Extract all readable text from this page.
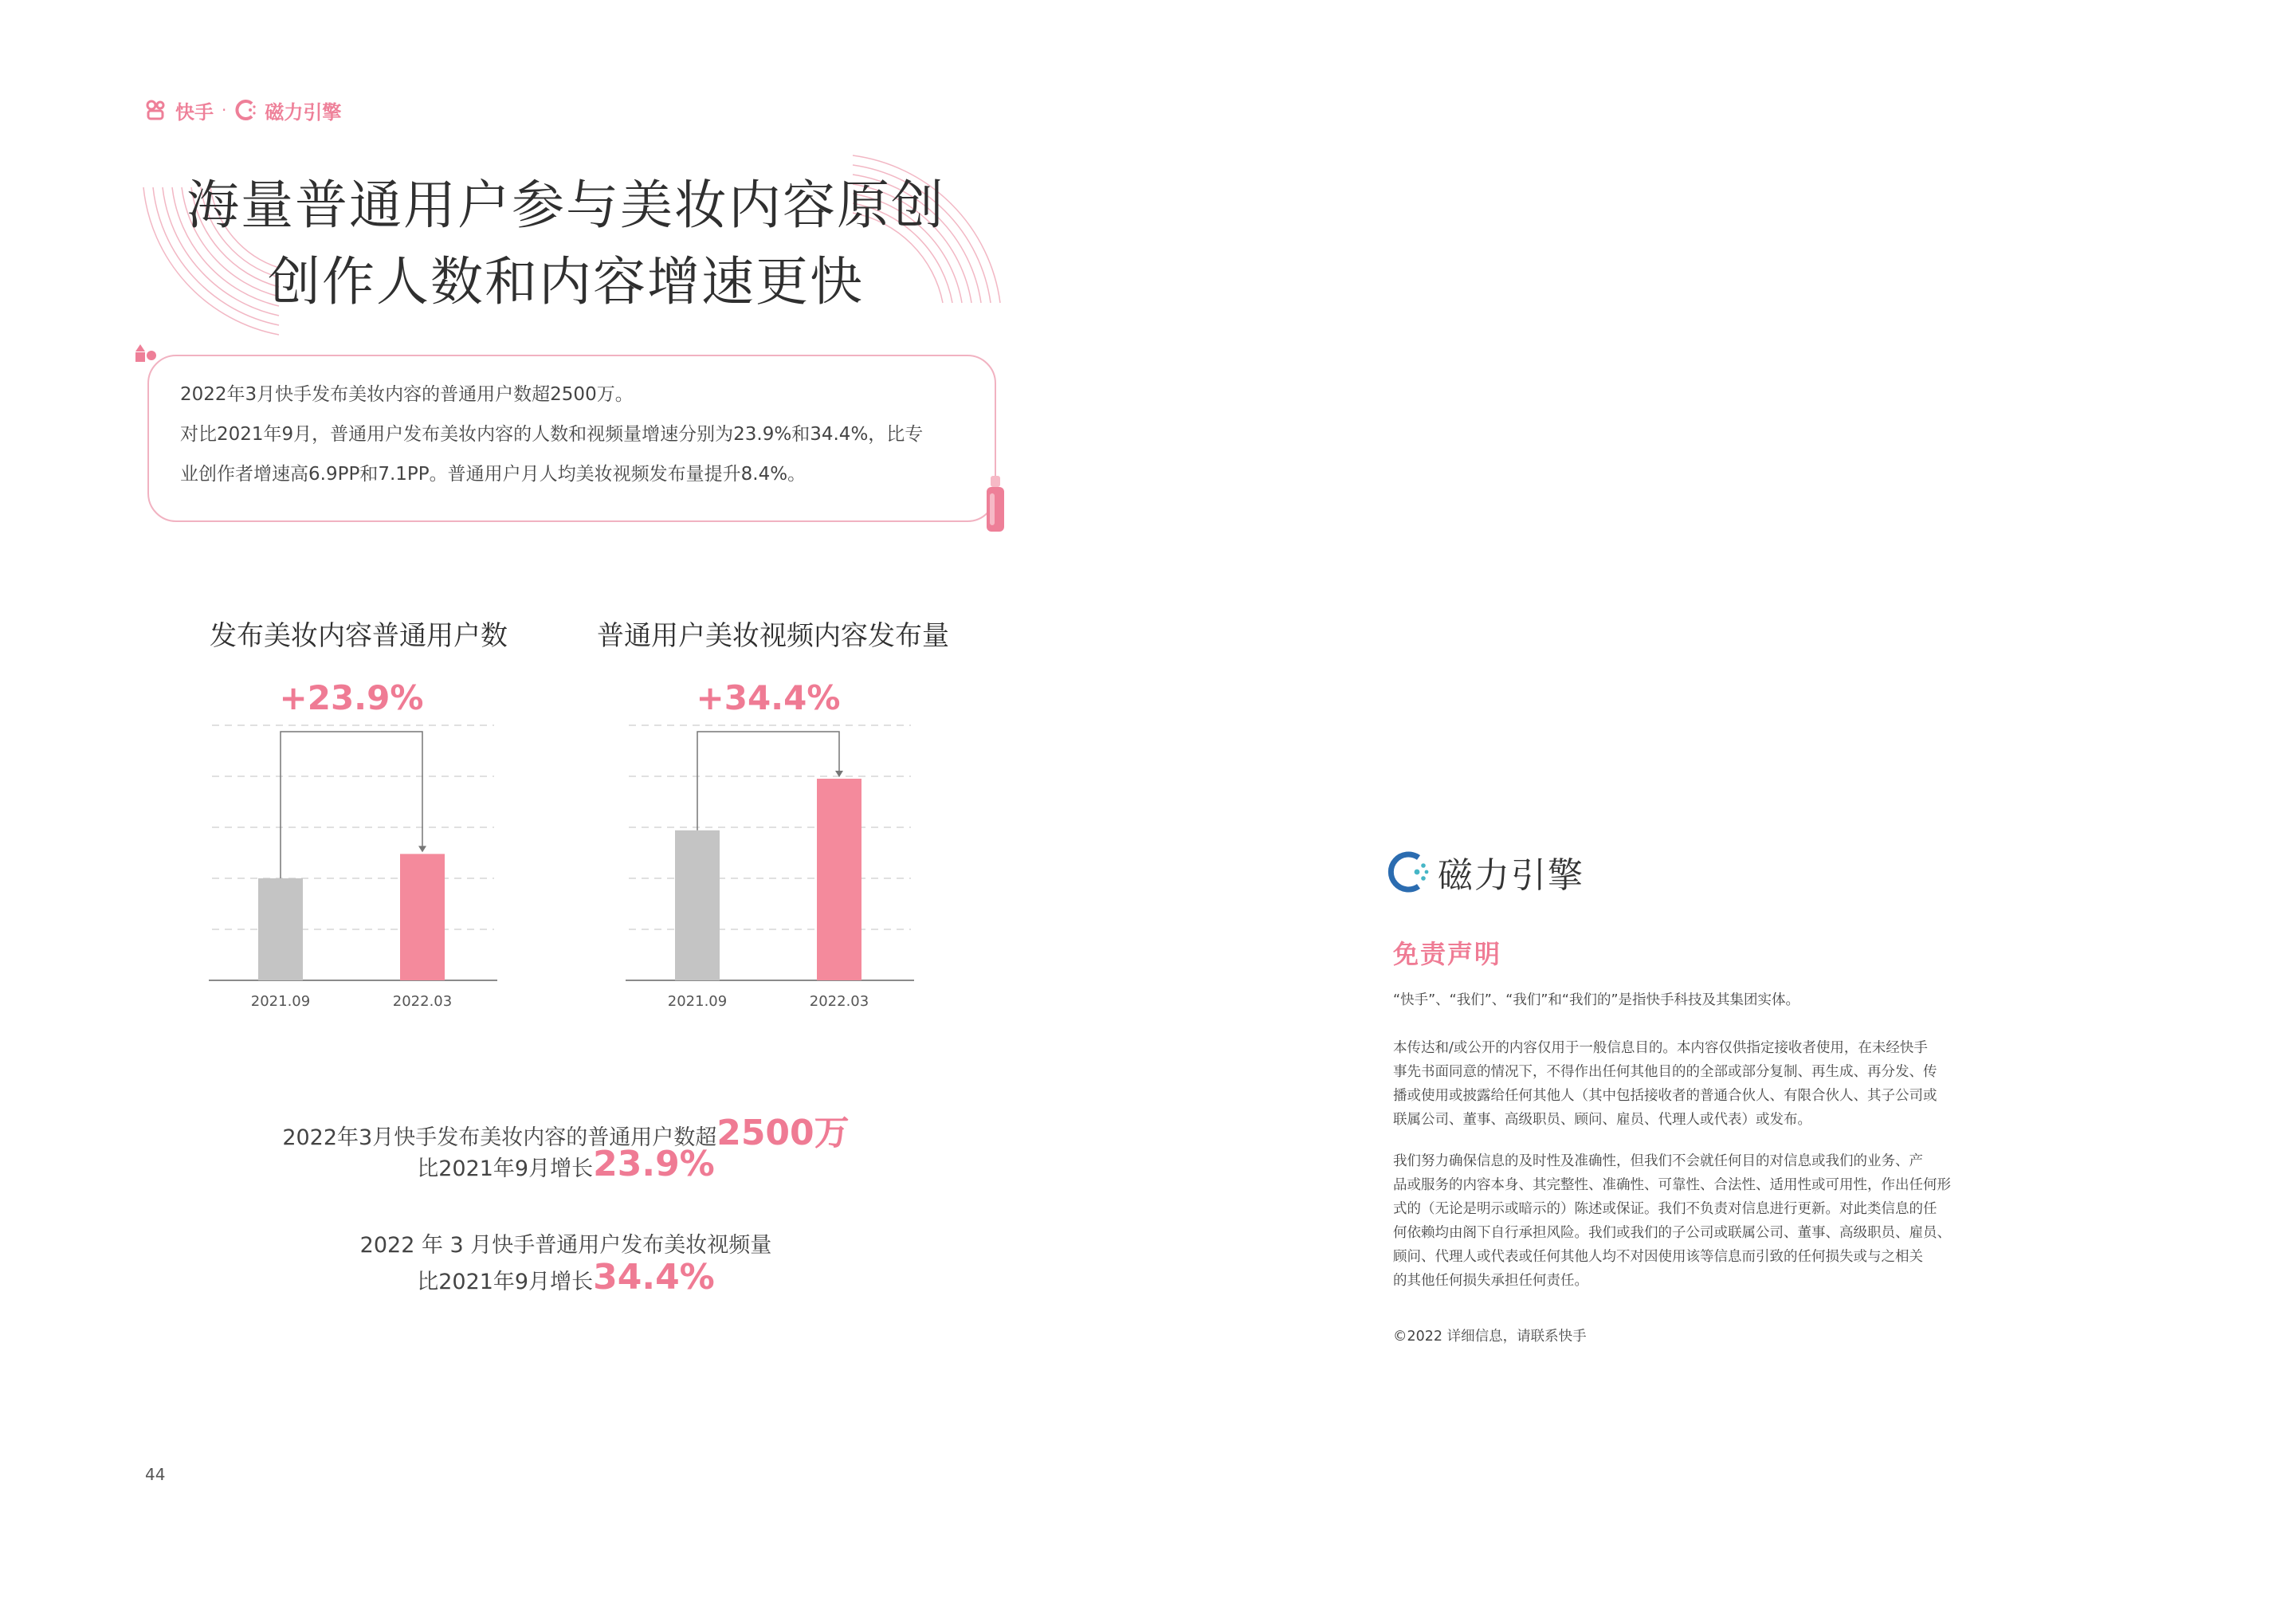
快手 · 磁力引擎
海量普通用户参与美妆内容原创
创作人数和内容增速更快

2022年3月快手发布美妆内容的普通用户数超2500万。

对比2021年9月，普通用户发布美妆内容的人数和视频量增速分别为23.9%和34.4%，比专

业创作者增速高6.9PP和7.1PP。普通用户月人均美妆视频发布量提升8.4%。

发布美妆内容普通用户数
2021.09	2022.03
+23.9%
普通用户美妆视频内容发布量
2021.09	2022.03
+34.4%
2022年3月快手发布美妆内容的普通用户数超2500万
比2021年9月增长23.9%
2022 年 3 月快手普通用户发布美妆视频量
比2021年9月增长34.4%
44
磁力引擎
免责声明

“快手”、“我们”、“我们”和“我们的”是指快手科技及其集团实体。

本传达和/或公开的内容仅用于一般信息目的。本内容仅供指定接收者使用，在未经快手

事先书面同意的情况下，不得作出任何其他目的的全部或部分复制、再生成、再分发、传

播或使用或披露给任何其他人（其中包括接收者的普通合伙人、有限合伙人、其子公司或

联属公司、董事、高级职员、顾问、雇员、代理人或代表）或发布。

我们努力确保信息的及时性及准确性，但我们不会就任何目的对信息或我们的业务、产

品或服务的内容本身、其完整性、准确性、可靠性、合法性、适用性或可用性，作出任何形

式的（无论是明示或暗示的）陈述或保证。我们不负责对信息进行更新。对此类信息的任

何依赖均由阁下自行承担风险。我们或我们的子公司或联属公司、董事、高级职员、雇员、

顾问、代理人或代表或任何其他人均不对因使用该等信息而引致的任何损失或与之相关

的其他任何损失承担任何责任。

©2022 详细信息，请联系快手
